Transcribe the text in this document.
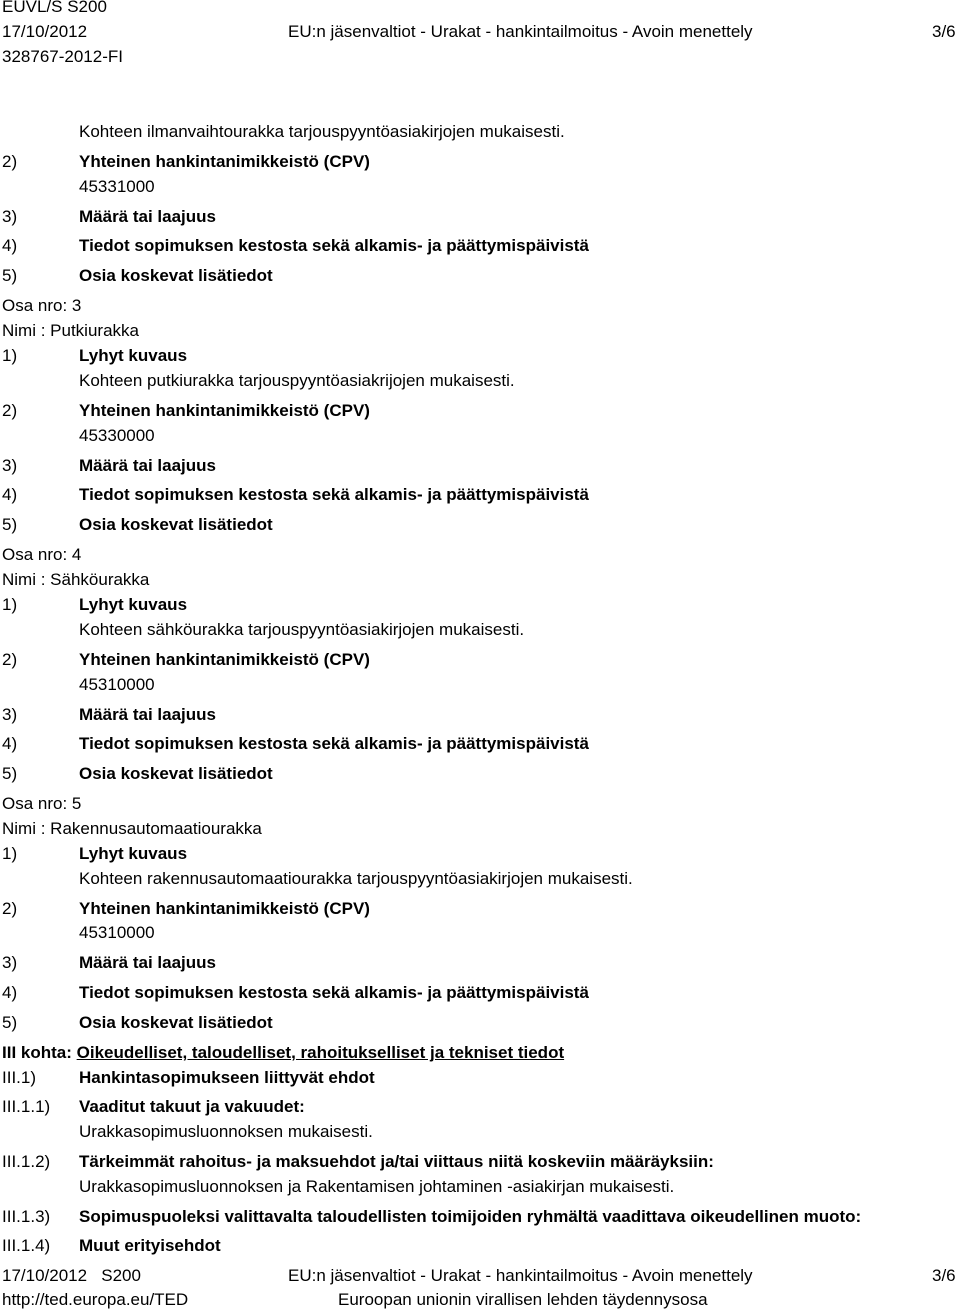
EUVL/S S200
17/10/2012	EU:n jäsenvaltiot - Urakat - hankintailmoitus - Avoin menettely	3/6
328767-2012-FI
Kohteen ilmanvaihtourakka tarjouspyyntöasiakirjojen mukaisesti.
2)	Yhteinen hankintanimikkeistö (CPV)
45331000
3)	Määrä tai laajuus
4)	Tiedot sopimuksen kestosta sekä alkamis- ja päättymispäivistä
5)	Osia koskevat lisätiedot
Osa nro: 3
Nimi : Putkiurakka
1)	Lyhyt kuvaus
Kohteen putkiurakka tarjouspyyntöasiakrijojen mukaisesti.
2)	Yhteinen hankintanimikkeistö (CPV)
45330000
3)	Määrä tai laajuus
4)	Tiedot sopimuksen kestosta sekä alkamis- ja päättymispäivistä
5)	Osia koskevat lisätiedot
Osa nro: 4
Nimi : Sähköurakka
1)	Lyhyt kuvaus
Kohteen sähköurakka tarjouspyyntöasiakirjojen mukaisesti.
2)	Yhteinen hankintanimikkeistö (CPV)
45310000
3)	Määrä tai laajuus
4)	Tiedot sopimuksen kestosta sekä alkamis- ja päättymispäivistä
5)	Osia koskevat lisätiedot
Osa nro: 5
Nimi : Rakennusautomaatiourakka
1)	Lyhyt kuvaus
Kohteen rakennusautomaatiourakka tarjouspyyntöasiakirjojen mukaisesti.
2)	Yhteinen hankintanimikkeistö (CPV)
45310000
3)	Määrä tai laajuus
4)	Tiedot sopimuksen kestosta sekä alkamis- ja päättymispäivistä
5)	Osia koskevat lisätiedot
III kohta: Oikeudelliset, taloudelliset, rahoitukselliset ja tekniset tiedot
III.1)	Hankintasopimukseen liittyvät ehdot
III.1.1) Vaaditut takuut ja vakuudet:
Urakkasopimusluonnoksen mukaisesti.
III.1.2) Tärkeimmät rahoitus- ja maksuehdot ja/tai viittaus niitä koskeviin määräyksiin:
Urakkasopimusluonnoksen ja Rakentamisen johtaminen -asiakirjan mukaisesti.
III.1.3) Sopimuspuoleksi valittavalta taloudellisten toimijoiden ryhmältä vaadittava oikeudellinen muoto:
III.1.4) Muut erityisehdot
17/10/2012   S200	EU:n jäsenvaltiot - Urakat - hankintailmoitus - Avoin menettely	3/6
http://ted.europa.eu/TED	Euroopan unionin virallisen lehden täydennysosa
